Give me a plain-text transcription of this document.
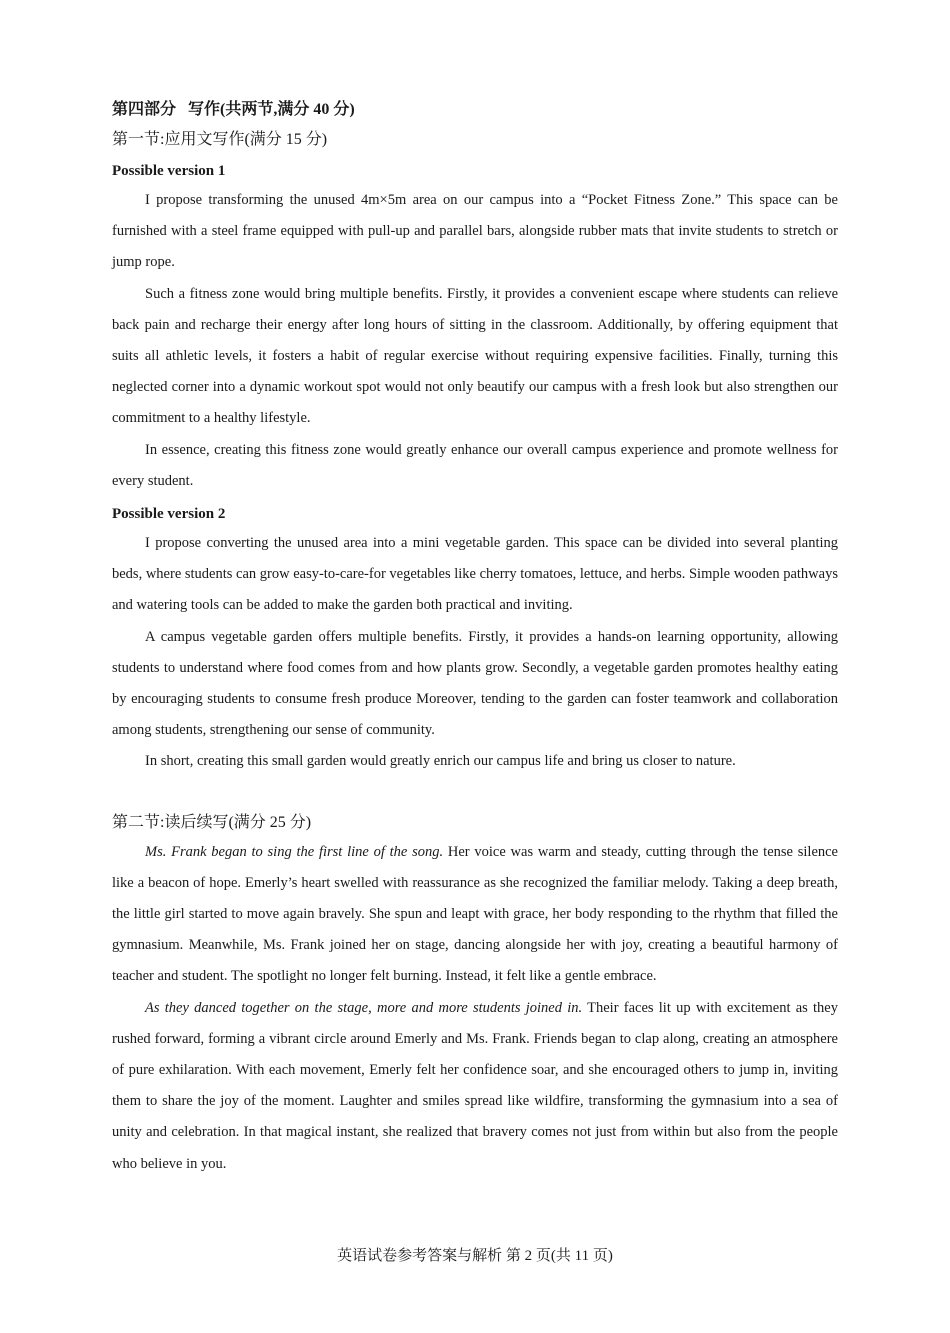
第四部分 写作(共两节,满分 40 分)

第一节:应用文写作(满分 15 分)

Possible version 1

I propose transforming the unused 4m×5m area on our campus into a “Pocket Fitness Zone.” This space can be furnished with a steel frame equipped with pull-up and parallel bars, alongside rubber mats that invite students to stretch or jump rope.

Such a fitness zone would bring multiple benefits. Firstly, it provides a convenient escape where students can relieve back pain and recharge their energy after long hours of sitting in the classroom. Additionally, by offering equipment that suits all athletic levels, it fosters a habit of regular exercise without requiring expensive facilities. Finally, turning this neglected corner into a dynamic workout spot would not only beautify our campus with a fresh look but also strengthen our commitment to a healthy lifestyle.

In essence, creating this fitness zone would greatly enhance our overall campus experience and promote wellness for every student.

Possible version 2

I propose converting the unused area into a mini vegetable garden. This space can be divided into several planting beds, where students can grow easy-to-care-for vegetables like cherry tomatoes, lettuce, and herbs. Simple wooden pathways and watering tools can be added to make the garden both practical and inviting.

A campus vegetable garden offers multiple benefits. Firstly, it provides a hands-on learning opportunity, allowing students to understand where food comes from and how plants grow. Secondly, a vegetable garden promotes healthy eating by encouraging students to consume fresh produce Moreover, tending to the garden can foster teamwork and collaboration among students, strengthening our sense of community.

In short, creating this small garden would greatly enrich our campus life and bring us closer to nature.

第二节:读后续写(满分 25 分)

Ms. Frank began to sing the first line of the song. Her voice was warm and steady, cutting through the tense silence like a beacon of hope. Emerly’s heart swelled with reassurance as she recognized the familiar melody. Taking a deep breath, the little girl started to move again bravely. She spun and leapt with grace, her body responding to the rhythm that filled the gymnasium. Meanwhile, Ms. Frank joined her on stage, dancing alongside her with joy, creating a beautiful harmony of teacher and student. The spotlight no longer felt burning. Instead, it felt like a gentle embrace.

As they danced together on the stage, more and more students joined in. Their faces lit up with excitement as they rushed forward, forming a vibrant circle around Emerly and Ms. Frank. Friends began to clap along, creating an atmosphere of pure exhilaration. With each movement, Emerly felt her confidence soar, and she encouraged others to jump in, inviting them to share the joy of the moment. Laughter and smiles spread like wildfire, transforming the gymnasium into a sea of unity and celebration. In that magical instant, she realized that bravery comes not just from within but also from the people who believe in you.

英语试卷参考答案与解析 第 2 页(共 11 页)
